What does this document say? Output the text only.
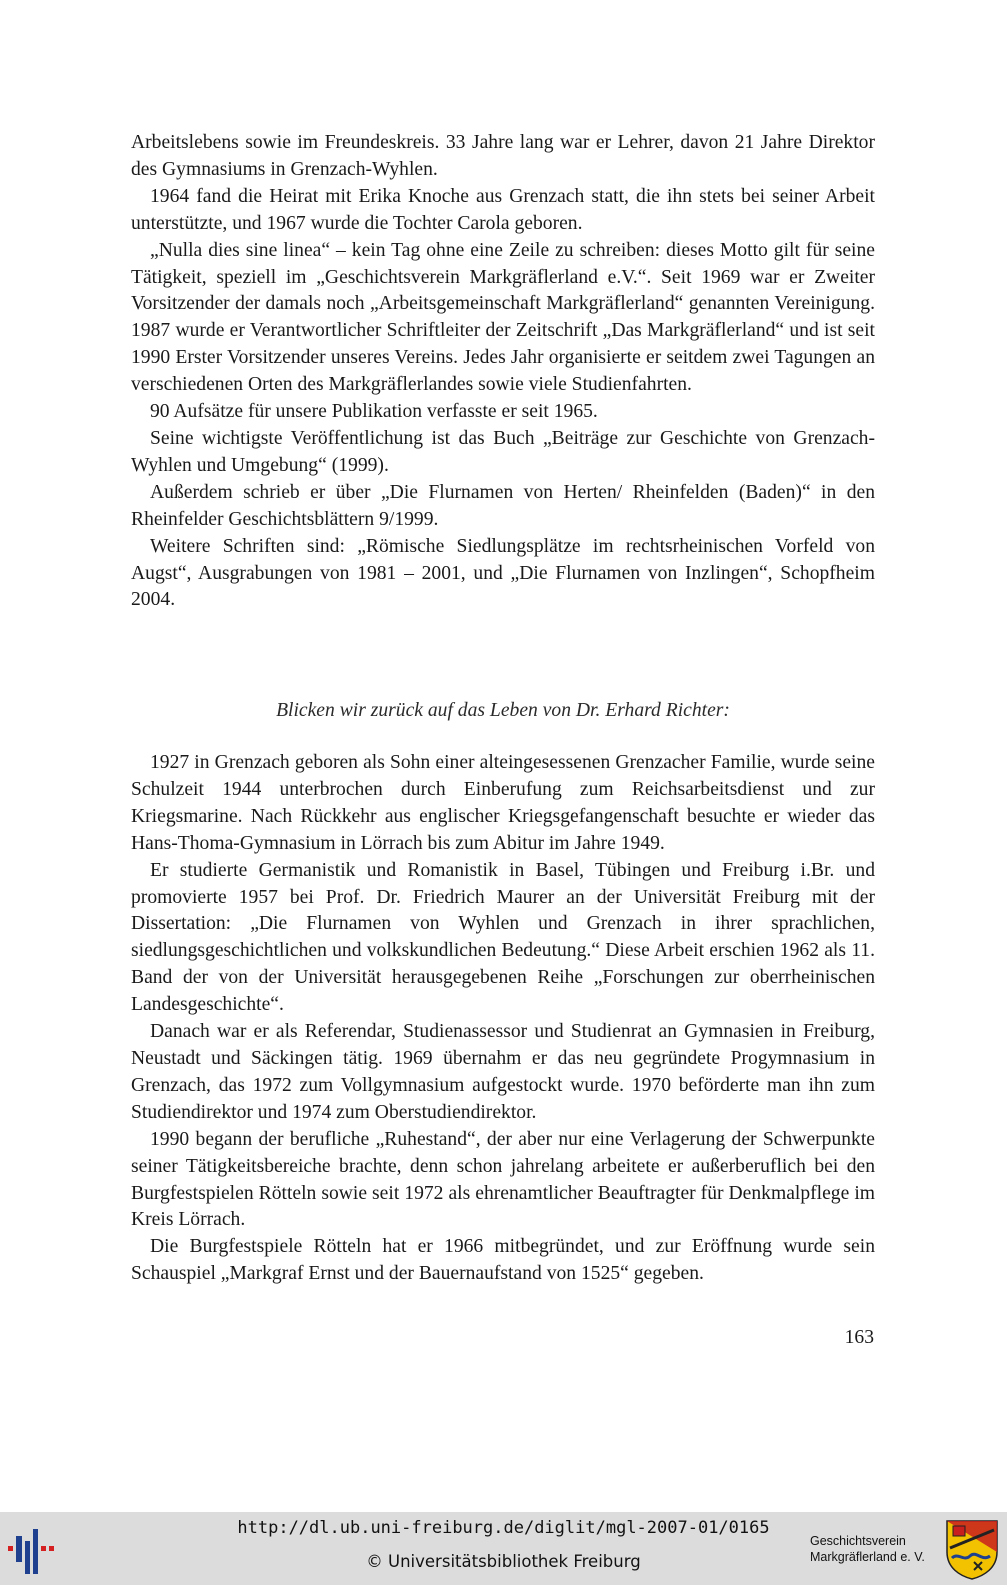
Arbeitslebens sowie im Freundeskreis. 33 Jahre lang war er Lehrer, davon 21 Jahre Direktor des Gymnasiums in Grenzach-Wyhlen.

1964 fand die Heirat mit Erika Knoche aus Grenzach statt, die ihn stets bei seiner Arbeit unterstützte, und 1967 wurde die Tochter Carola geboren.

„Nulla dies sine linea“ – kein Tag ohne eine Zeile zu schreiben: dieses Motto gilt für seine Tätigkeit, speziell im „Geschichtsverein Markgräflerland e.V.“. Seit 1969 war er Zweiter Vorsitzender der damals noch „Arbeitsgemeinschaft Markgräflerland“ genannten Vereinigung. 1987 wurde er Verantwortlicher Schriftleiter der Zeitschrift „Das Markgräflerland“ und ist seit 1990 Erster Vorsitzender unseres Vereins. Jedes Jahr organisierte er seitdem zwei Tagungen an verschiedenen Orten des Markgräflerlandes sowie viele Studienfahrten.

90 Aufsätze für unsere Publikation verfasste er seit 1965.

Seine wichtigste Veröffentlichung ist das Buch „Beiträge zur Geschichte von Grenzach-Wyhlen und Umgebung“ (1999).

Außerdem schrieb er über „Die Flurnamen von Herten/ Rheinfelden (Baden)“ in den Rheinfelder Geschichtsblättern 9/1999.

Weitere Schriften sind: „Römische Siedlungsplätze im rechtsrheinischen Vorfeld von Augst“, Ausgrabungen von 1981 – 2001, und „Die Flurnamen von Inzlingen“, Schopfheim 2004.

Blicken wir zurück auf das Leben von Dr. Erhard Richter:

1927 in Grenzach geboren als Sohn einer alteingesessenen Grenzacher Familie, wurde seine Schulzeit 1944 unterbrochen durch Einberufung zum Reichsarbeitsdienst und zur Kriegsmarine. Nach Rückkehr aus englischer Kriegsgefangenschaft besuchte er wieder das Hans-Thoma-Gymnasium in Lörrach bis zum Abitur im Jahre 1949.

Er studierte Germanistik und Romanistik in Basel, Tübingen und Freiburg i.Br. und promovierte 1957 bei Prof. Dr. Friedrich Maurer an der Universität Freiburg mit der Dissertation: „Die Flurnamen von Wyhlen und Grenzach in ihrer sprachlichen, siedlungsgeschichtlichen und volkskundlichen Bedeutung.“ Diese Arbeit erschien 1962 als 11. Band der von der Universität herausgegebenen Reihe „Forschungen zur oberrheinischen Landesgeschichte“.

Danach war er als Referendar, Studienassessor und Studienrat an Gymnasien in Freiburg, Neustadt und Säckingen tätig. 1969 übernahm er das neu gegründete Progymnasium in Grenzach, das 1972 zum Vollgymnasium aufgestockt wurde. 1970 beförderte man ihn zum Studiendirektor und 1974 zum Oberstudiendirektor.

1990 begann der berufliche „Ruhestand“, der aber nur eine Verlagerung der Schwerpunkte seiner Tätigkeitsbereiche brachte, denn schon jahrelang arbeitete er außerberuflich bei den Burgfestspielen Rötteln sowie seit 1972 als ehrenamtlicher Beauftragter für Denkmalpflege im Kreis Lörrach.

Die Burgfestspiele Rötteln hat er 1966 mitbegründet, und zur Eröffnung wurde sein Schauspiel „Markgraf Ernst und der Bauernaufstand von 1525“ gegeben.

163

http://dl.ub.uni-freiburg.de/diglit/mgl-2007-01/0165

© Universitätsbibliothek Freiburg

Geschichtsverein
Markgräflerland e. V.
